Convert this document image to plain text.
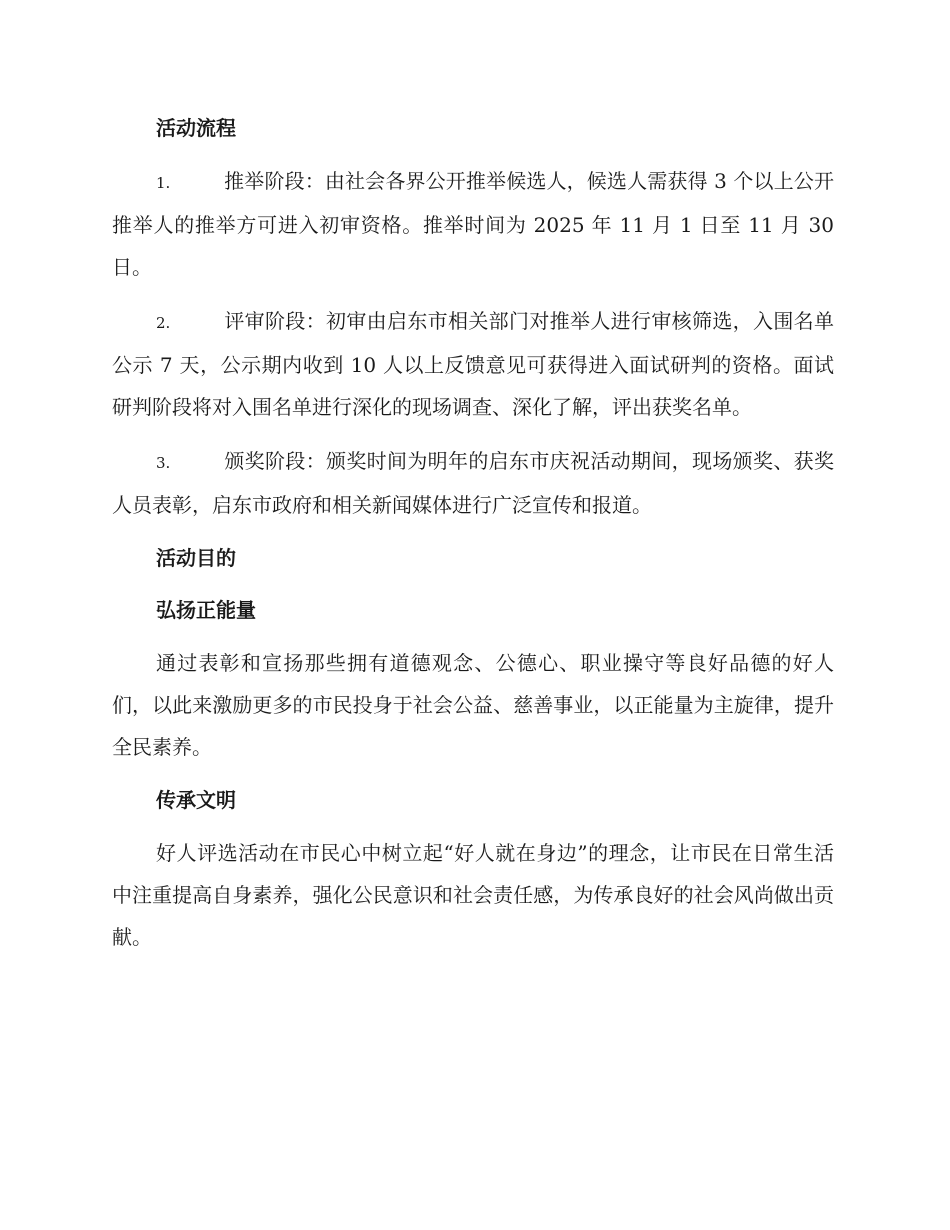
活动流程
1.	推举阶段：由社会各界公开推举候选人，候选人需获得 3 个以上公开推举人的推举方可进入初审资格。推举时间为 2025 年 11 月 1 日至 11 月 30 日。
2.	评审阶段：初审由启东市相关部门对推举人进行审核筛选，入围名单公示 7 天，公示期内收到 10 人以上反馈意见可获得进入面试研判的资格。面试研判阶段将对入围名单进行深化的现场调查、深化了解，评出获奖名单。
3.	颁奖阶段：颁奖时间为明年的启东市庆祝活动期间，现场颁奖、获奖人员表彰，启东市政府和相关新闻媒体进行广泛宣传和报道。
活动目的
弘扬正能量
通过表彰和宣扬那些拥有道德观念、公德心、职业操守等良好品德的好人们，以此来激励更多的市民投身于社会公益、慈善事业，以正能量为主旋律，提升全民素养。
传承文明
好人评选活动在市民心中树立起“好人就在身边”的理念，让市民在日常生活中注重提高自身素养，强化公民意识和社会责任感，为传承良好的社会风尚做出贡献。
